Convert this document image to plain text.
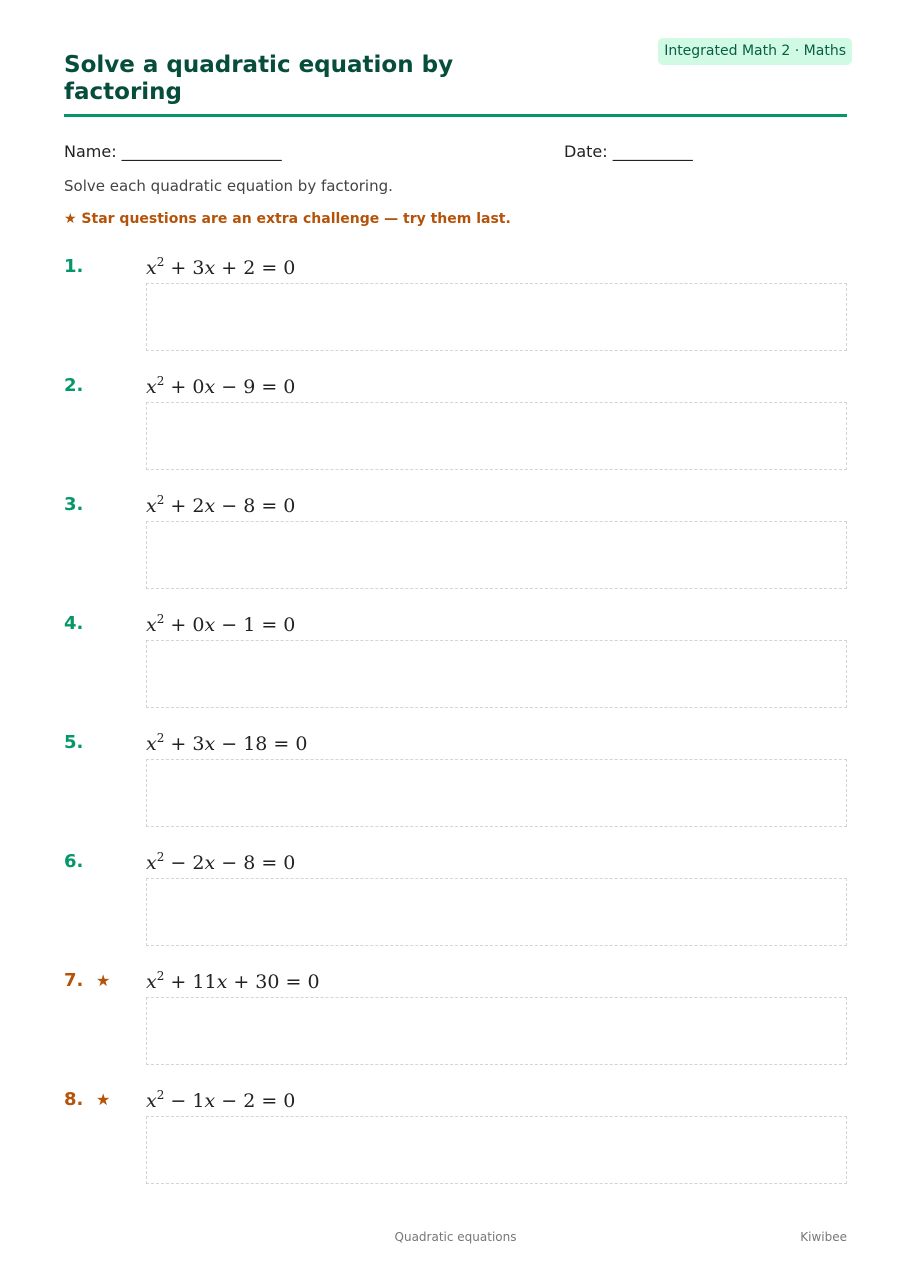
Integrated Math 2 · Maths
Solve a quadratic equation by factoring
Name: ____________________	Date: __________
Solve each quadratic equation by factoring.
★ Star questions are an extra challenge — try them last.
1.	$x^2 + 3x + 2 = 0$
2.	$x^2 + 0x - 9 = 0$
3.	$x^2 + 2x - 8 = 0$
4.	$x^2 + 0x - 1 = 0$
5.	$x^2 + 3x - 18 = 0$
6.	$x^2 - 2x - 8 = 0$
7. ★ $x^2 + 11x + 30 = 0$
8. ★ $x^2 - 1x - 2 = 0$
Quadratic equations	Kiwibee
